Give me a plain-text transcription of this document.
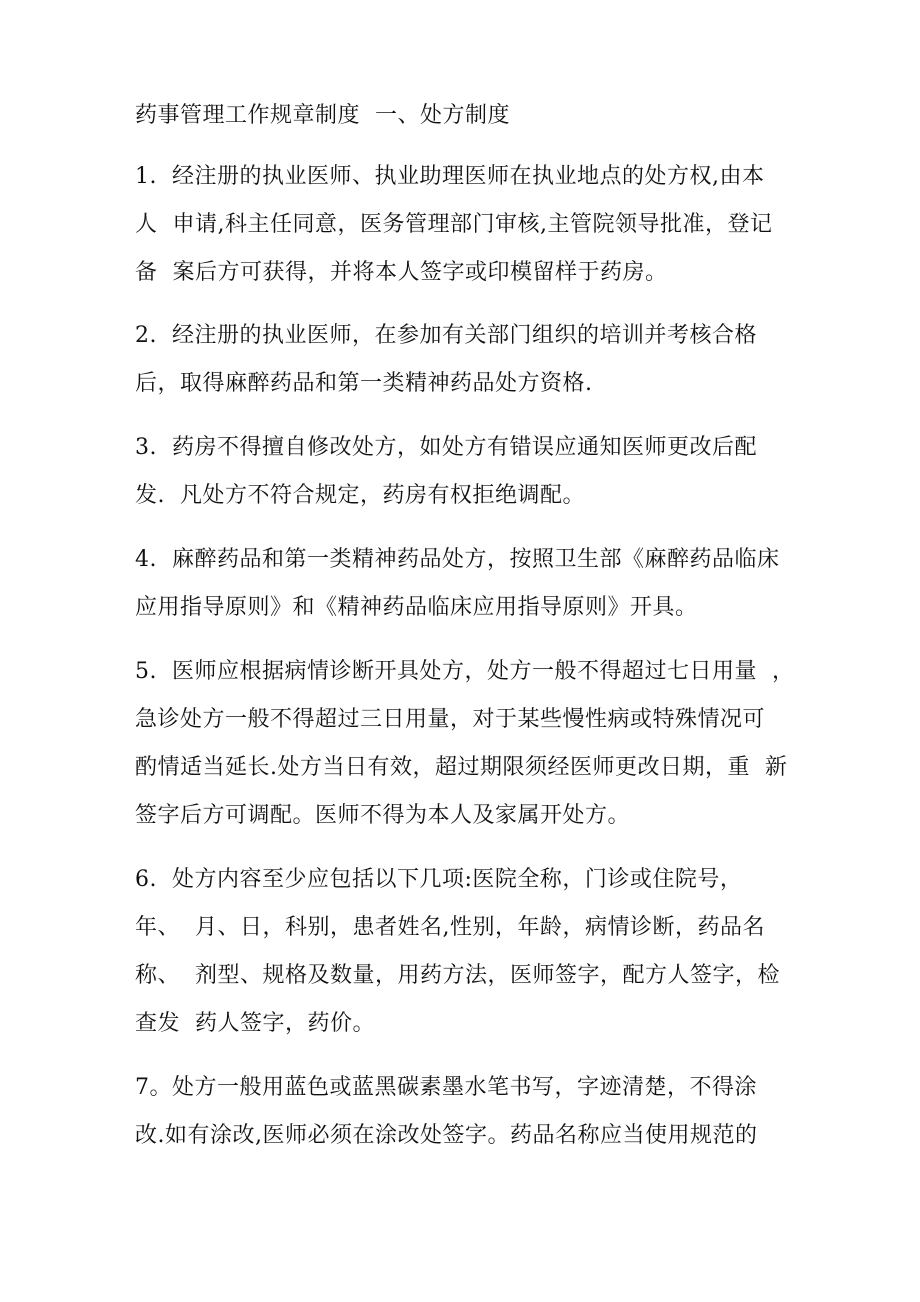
药事管理工作规章制度  一、处方制度
1.  经注册的执业医师、执业助理医师在执业地点的处方权,由本
人  申请,科主任同意，医务管理部门审核,主管院领导批准，登记
备  案后方可获得，并将本人签字或印模留样于药房。
2.  经注册的执业医师，在参加有关部门组织的培训并考核合格
后，取得麻醉药品和第一类精神药品处方资格.
3.  药房不得擅自修改处方，如处方有错误应通知医师更改后配
发.  凡处方不符合规定，药房有权拒绝调配。
4.  麻醉药品和第一类精神药品处方，按照卫生部《麻醉药品临床
应用指导原则》和《精神药品临床应用指导原则》开具。
5.  医师应根据病情诊断开具处方，处方一般不得超过七日用量  ，
急诊处方一般不得超过三日用量，对于某些慢性病或特殊情况可
酌情适当延长.处方当日有效，超过期限须经医师更改日期，重  新
签字后方可调配。医师不得为本人及家属开处方。
6.  处方内容至少应包括以下几项:医院全称，门诊或住院号，
年、  月、日，科别，患者姓名,性别，年龄，病情诊断，药品名
称、  剂型、规格及数量，用药方法，医师签字，配方人签字，检
查发  药人签字，药价。
7。处方一般用蓝色或蓝黑碳素墨水笔书写，字迹清楚，不得涂
改.如有涂改,医师必须在涂改处签字。药品名称应当使用规范的
